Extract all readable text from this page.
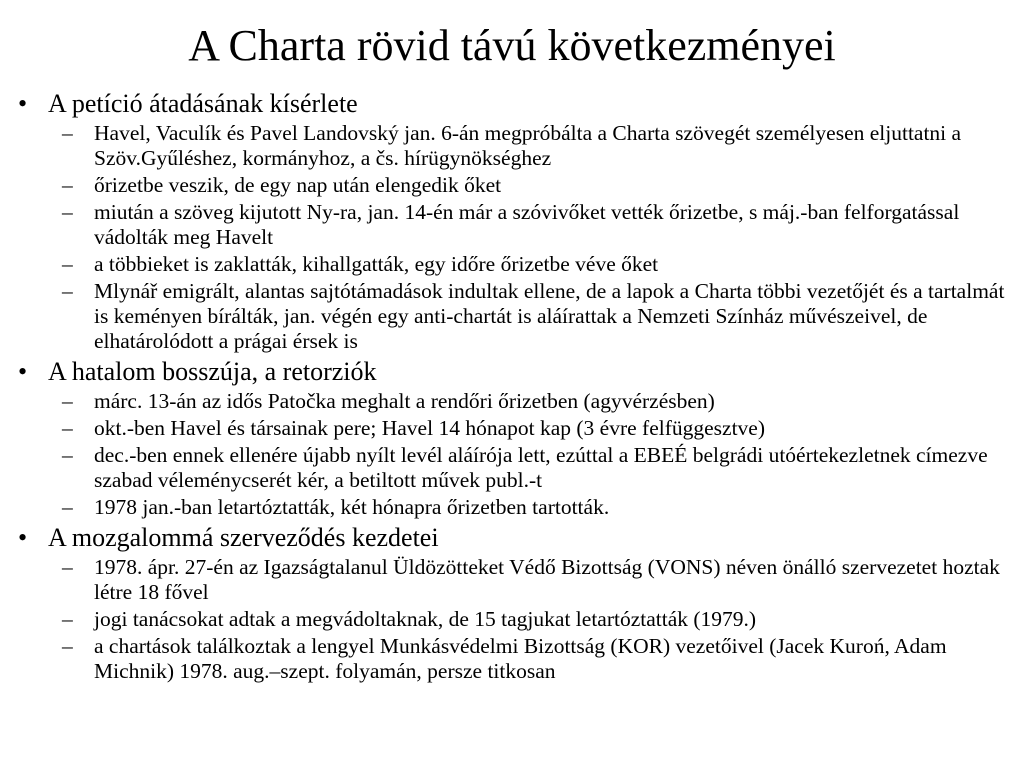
A Charta rövid távú következményei
• A petíció átadásának kísérlete
– Havel, Vaculík és Pavel Landovský jan. 6-án megpróbálta a Charta szövegét személyesen eljuttatni a Szöv.Gyűléshez, kormányhoz, a čs. hírügynökséghez
– őrizetbe veszik, de egy nap után elengedik őket
– miután a szöveg kijutott Ny-ra, jan. 14-én már a szóvivőket vették őrizetbe, s máj.-ban felforgatással vádolták meg Havelt
– a többieket is zaklatták, kihallgatták, egy időre őrizetbe véve őket
– Mlynář emigrált, alantas sajtótámadások indultak ellene, de a lapok a Charta többi vezetőjét és a tartalmát is keményen bírálták, jan. végén egy anti-chartát is aláírattak a Nemzeti Színház művészeivel, de elhatárolódott a prágai érsek is
• A hatalom bosszúja, a retorziók
– márc. 13-án az idős Patočka meghalt a rendőri őrizetben (agyvérzésben)
– okt.-ben Havel és társainak pere; Havel 14 hónapot kap (3 évre felfüggesztve)
– dec.-ben ennek ellenére újabb nyílt levél aláírója lett, ezúttal a EBEÉ belgrádi utóértekezletnek címezve szabad véleménycserét kér, a betiltott művek publ.-t
– 1978 jan.-ban letartóztatták, két hónapra őrizetben tartották.
• A mozgalommá szerveződés kezdetei
– 1978. ápr. 27-én az Igazságtalanul Üldözötteket Védő Bizottság (VONS) néven önálló szervezetet hoztak létre 18 fővel
– jogi tanácsokat adtak a megvádoltaknak, de 15 tagjukat letartóztatták (1979.)
– a chartások találkoztak a lengyel Munkásvédelmi Bizottság (KOR) vezetőivel (Jacek Kuroń, Adam Michnik) 1978. aug.–szept. folyamán, persze titkosan
